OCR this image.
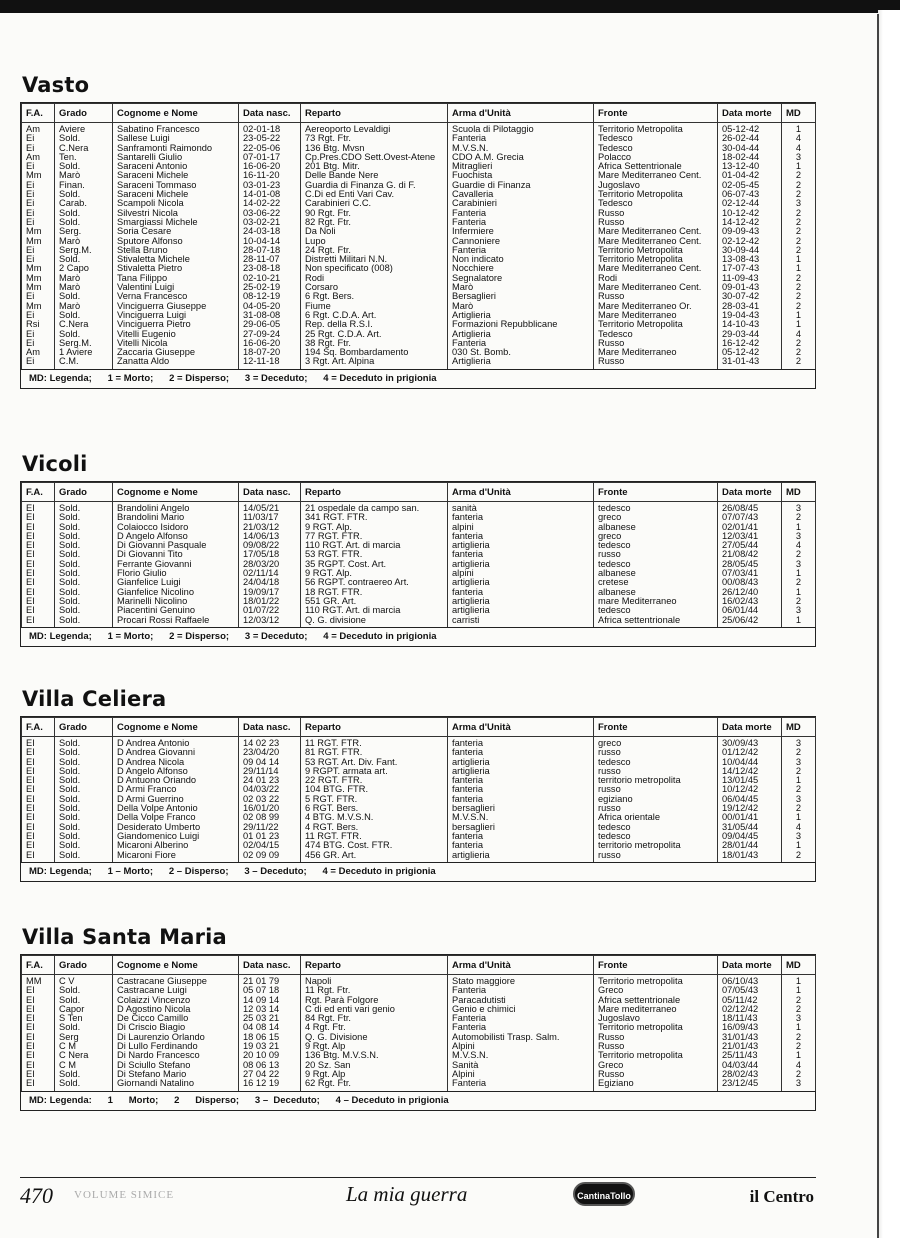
Vasto
F.A.	Grado	Cognome e Nome	Data nasc.	Reparto	Arma d'Unità	Fronte	Data morte	MD
Am	Aviere	Sabatino Francesco	02-01-18	Aereoporto Levaldigi	Scuola di Pilotaggio	Territorio Metropolita	05-12-42	1
Ei	Sold.	Sallese Luigi	23-05-22	73 Rgt. Ftr.	Fanteria	Tedesco	26-02-44	4
Ei	C.Nera	Sanframonti Raimondo	22-05-06	136 Btg. Mvsn	M.V.S.N.	Tedesco	30-04-44	4
Am	Ten.	Santarelli Giulio	07-01-17	Cp.Pres.CDO Sett.Ovest-Atene	CDO A.M. Grecia	Polacco	18-02-44	3
Ei	Sold.	Saraceni Antonio	16-06-20	201 Btg. Mitr.	Mitraglieri	Africa Settentrionale	13-12-40	1
Mm	Marò	Saraceni Michele	16-11-20	Delle Bande Nere	Fuochista	Mare Mediterraneo Cent.	01-04-42	2
Ei	Finan.	Saraceni Tommaso	03-01-23	Guardia di Finanza G. di F.	Guardie di Finanza	Jugoslavo	02-05-45	2
Ei	Sold.	Saraceni Michele	14-01-08	C.Di ed Enti Vari Cav.	Cavalleria	Territorio Metropolita	06-07-43	2
Ei	Carab.	Scampoli Nicola	14-02-22	Carabinieri C.C.	Carabinieri	Tedesco	02-12-44	3
Ei	Sold.	Silvestri Nicola	03-06-22	90 Rgt. Ftr.	Fanteria	Russo	10-12-42	2
Ei	Sold.	Smargiassi Michele	03-02-21	82 Rgt. Ftr.	Fanteria	Russo	14-12-42	2
Mm	Serg.	Soria Cesare	24-03-18	Da Noli	Infermiere	Mare Mediterraneo Cent.	09-09-43	2
Mm	Marò	Sputore Alfonso	10-04-14	Lupo	Cannoniere	Mare Mediterraneo Cent.	02-12-42	2
Ei	Serg.M.	Stella Bruno	28-07-18	24 Rgt. Ftr.	Fanteria	Territorio Metropolita	30-09-44	2
Ei	Sold.	Stivaletta Michele	28-11-07	Distretti Militari N.N.	Non indicato	Territorio Metropolita	13-08-43	1
Mm	2 Capo	Stivaletta Pietro	23-08-18	Non specificato (008)	Nocchiere	Mare Mediterraneo Cent.	17-07-43	1
Mm	Marò	Tana Filippo	02-10-21	Rodi	Segnalatore	Rodi	11-09-43	2
Mm	Marò	Valentini Luigi	25-02-19	Corsaro	Marò	Mare Mediterraneo Cent.	09-01-43	2
Ei	Sold.	Verna Francesco	08-12-19	6 Rgt. Bers.	Bersaglieri	Russo	30-07-42	2
Mm	Marò	Vinciguerra Giuseppe	04-05-20	Fiume	Marò	Mare Mediterraneo Or.	28-03-41	2
Ei	Sold.	Vinciguerra Luigi	31-08-08	6 Rgt. C.D.A. Art.	Artiglieria	Mare Mediterraneo	19-04-43	1
Rsi	C.Nera	Vinciguerra Pietro	29-06-05	Rep. della R.S.I.	Formazioni Repubblicane	Territorio Metropolita	14-10-43	1
Ei	Sold.	Vitelli Eugenio	27-09-24	25 Rgt. C.D.A. Art.	Artiglieria	Tedesco	29-03-44	4
Ei	Serg.M.	Vitelli Nicola	16-06-20	38 Rgt. Ftr.	Fanteria	Russo	16-12-42	2
Am	1 Aviere	Zaccaria Giuseppe	18-07-20	194 Sq. Bombardamento	030 St. Bomb.	Mare Mediterraneo	05-12-42	2
Ei	C.M.	Zanatta Aldo	12-11-18	3 Rgt. Art. Alpina	Artiglieria	Russo	31-01-43	2
MD: Legenda;      1 = Morto;      2 = Disperso;      3 = Deceduto;      4 = Deceduto in prigionia
Vicoli
F.A.	Grado	Cognome e Nome	Data nasc.	Reparto	Arma d'Unità	Fronte	Data morte	MD
EI	Sold.	Brandolini Angelo	14/05/21	21 ospedale da campo san.	sanità	tedesco	26/08/45	3
EI	Sold.	Brandolini Mario	11/03/17	341 RGT. FTR.	fanteria	greco	07/07/43	2
EI	Sold.	Colaiocco Isidoro	21/03/12	9 RGT. Alp.	alpini	albanese	02/01/41	1
EI	Sold.	D Angelo Alfonso	14/06/13	77 RGT. FTR.	fanteria	greco	12/03/41	3
EI	Sold.	Di Giovanni Pasquale	09/08/22	110 RGT. Art. di marcia	artiglieria	tedesco	27/05/44	4
EI	Sold.	Di Giovanni Tito	17/05/18	53 RGT. FTR.	fanteria	russo	21/08/42	2
EI	Sold.	Ferrante Giovanni	28/03/20	35 RGPT. Cost. Art.	artiglieria	tedesco	28/05/45	3
EI	Sold.	Florio Giulio	02/11/14	9 RGT. Alp.	alpini	albanese	07/03/41	1
EI	Sold.	Gianfelice Luigi	24/04/18	56 RGPT. contraereo Art.	artiglieria	cretese	00/08/43	2
EI	Sold.	Gianfelice Nicolino	19/09/17	18 RGT. FTR.	fanteria	albanese	26/12/40	1
EI	Sold.	Marinelli Nicolino	18/01/22	551 GR. Art.	artiglieria	mare Mediterraneo	16/02/43	2
EI	Sold.	Piacentini Genuino	01/07/22	110 RGT. Art. di marcia	artiglieria	tedesco	06/01/44	3
EI	Sold.	Procari Rossi Raffaele	12/03/12	Q. G. divisione	carristi	Africa settentrionale	25/06/42	1
MD: Legenda;      1 = Morto;      2 = Disperso;      3 = Deceduto;      4 = Deceduto in prigionia
Villa Celiera
F.A.	Grado	Cognome e Nome	Data nasc.	Reparto	Arma d'Unità	Fronte	Data morte	MD
EI	Sold.	D Andrea Antonio	14 02 23	11 RGT. FTR.	fanteria	greco	30/09/43	3
EI	Sold.	D Andrea Giovanni	23/04/20	81 RGT. FTR.	fanteria	russo	01/12/42	2
EI	Sold.	D Andrea Nicola	09 04 14	53 RGT. Art. Div. Fant.	artiglieria	tedesco	10/04/44	3
EI	Sold.	D Angelo Alfonso	29/11/14	9 RGPT. armata art.	artiglieria	russo	14/12/42	2
EI	Sold.	D Antuono Oriando	24 01 23	22 RGT. FTR.	fanteria	territorio metropolita	13/01/45	1
EI	Sold.	D Armi Franco	04/03/22	104 BTG. FTR.	fanteria	russo	10/12/42	2
EI	Sold.	D Armi Guerrino	02 03 22	5 RGT. FTR.	fanteria	egiziano	06/04/45	3
EI	Sold.	Della Volpe Antonio	16/01/20	6 RGT. Bers.	bersaglieri	russo	19/12/42	2
EI	Sold.	Della Volpe Franco	02 08 99	4 BTG. M.V.S.N.	M.V.S.N.	Africa orientale	00/01/41	1
EI	Sold.	Desiderato Umberto	29/11/22	4 RGT. Bers.	bersaglieri	tedesco	31/05/44	4
EI	Sold.	Giandomenico Luigi	01 01 23	11 RGT. FTR.	fanteria	tedesco	09/04/45	3
EI	Sold.	Micaroni Alberino	02/04/15	474 BTG. Cost. FTR.	fanteria	territorio metropolita	28/01/44	1
EI	Sold.	Micaroni Fiore	02 09 09	456 GR. Art.	artiglieria	russo	18/01/43	2
MD: Legenda;      1 – Morto;      2 – Disperso;      3 – Deceduto;      4 = Deceduto in prigionia
Villa Santa Maria
F.A.	Grado	Cognome e Nome	Data nasc.	Reparto	Arma d'Unità	Fronte	Data morte	MD
MM	C V	Castracane Giuseppe	21 01 79	Napoli	Stato maggiore	Territorio metropolita	06/10/43	1
EI	Sold.	Castracane Luigi	05 07 18	11 Rgt. Ftr.	Fanteria	Greco	07/05/43	1
EI	Sold.	Colaizzi Vincenzo	14 09 14	Rgt. Parà Folgore	Paracadutisti	Africa settentrionale	05/11/42	2
EI	Capor	D Agostino Nicola	12 03 14	C di ed enti vari genio	Genio e chimici	Mare mediterraneo	02/12/42	2
EI	S Ten	De Cicco Camillo	25 03 21	84 Rgt. Ftr.	Fanteria	Jugoslavo	18/11/43	3
EI	Sold.	Di Criscio Biagio	04 08 14	4 Rgt. Ftr.	Fanteria	Territorio metropolita	16/09/43	1
EI	Serg	Di Laurenzio Orlando	18 06 15	Q. G. Divisione	Automobilisti Trasp. Salm.	Russo	31/01/43	2
EI	C M	Di Lullo Ferdinando	19 03 21	9 Rgt. Alp	Alpini	Russo	21/01/43	2
EI	C Nera	Di Nardo Francesco	20 10 09	136 Btg. M.V.S.N.	M.V.S.N.	Territorio metropolita	25/11/43	1
EI	C M	Di Sciullo Stefano	08 06 13	20 Sz. San	Sanità	Greco	04/03/44	4
EI	Sold.	Di Stefano Mario	27 04 22	9 Rgt. Alp	Alpini	Russo	28/02/43	2
EI	Sold.	Giornandi Natalino	16 12 19	62 Rgt. Ftr.	Fanteria	Egiziano	23/12/45	3
MD: Legenda:      1      Morto;      2      Disperso;      3 –  Deceduto;      4 – Deceduto in prigionia
470 VOLUME SIMICE	La mia guerra	CantinaTollo	il Centro
